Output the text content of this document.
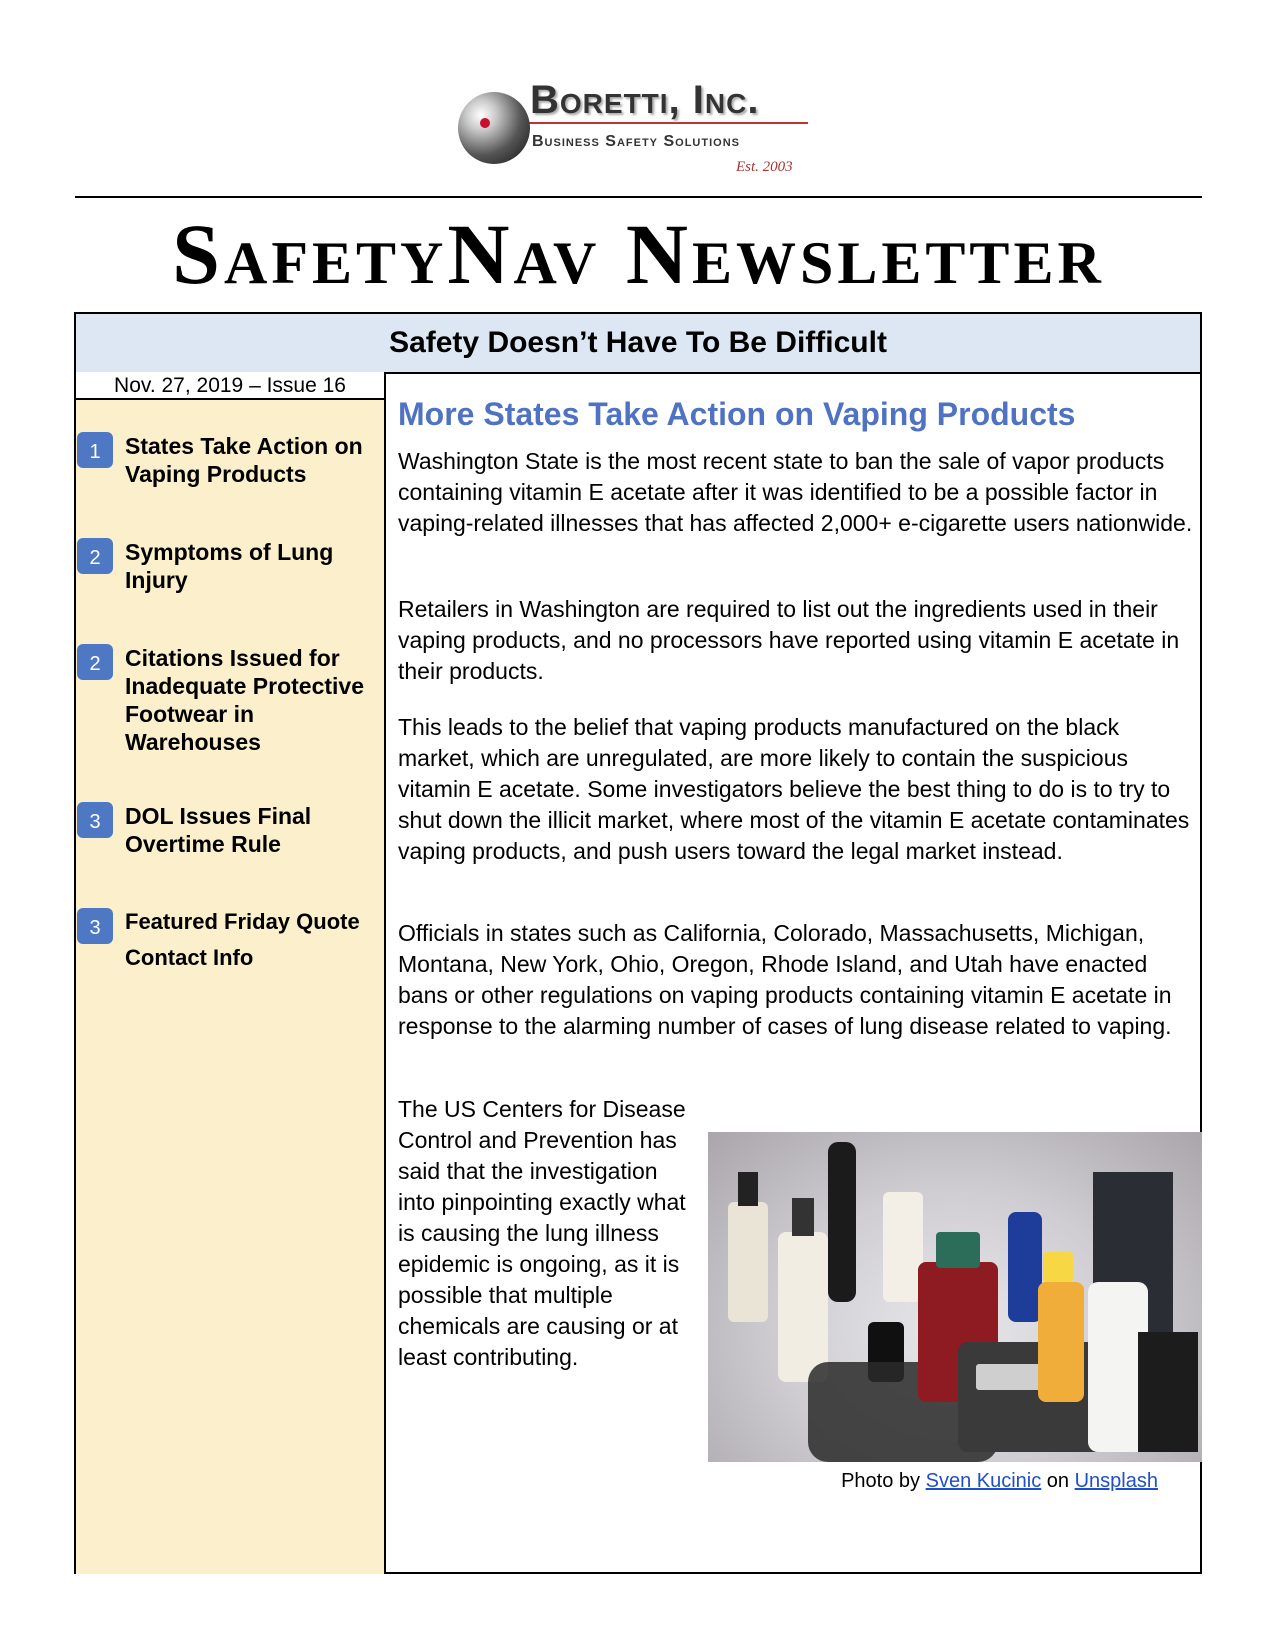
Boretti, Inc.
Business Safety Solutions
Est. 2003
SafetyNav Newsletter
Safety Doesn’t Have To Be Difficult
Nov. 27, 2019 – Issue 16
1	States Take Action on Vaping Products
2	Symptoms of Lung Injury
2	Citations Issued for Inadequate Protective Footwear in Warehouses
3	DOL Issues Final Overtime Rule
3	Featured Friday Quote
Contact Info
More States Take Action on Vaping Products

Washington State is the most recent state to ban the sale of vapor products containing vitamin E acetate after it was identified to be a possible factor in vaping-related illnesses that has affected 2,000+ e-cigarette users nationwide.

Retailers in Washington are required to list out the ingredients used in their vaping products, and no processors have reported using vitamin E acetate in their products.

This leads to the belief that vaping products manufactured on the black market, which are unregulated, are more likely to contain the suspicious vitamin E acetate. Some investigators believe the best thing to do is to try to shut down the illicit market, where most of the vitamin E acetate contaminates vaping products, and push users toward the legal market instead.

Officials in states such as California, Colorado, Massachusetts, Michigan, Montana, New York, Ohio, Oregon, Rhode Island, and Utah have enacted bans or other regulations on vaping products containing vitamin E acetate in response to the alarming number of cases of lung disease related to vaping.

The US Centers for Disease Control and Prevention has said that the investigation into pinpointing exactly what is causing the lung illness epidemic is ongoing, as it is possible that multiple chemicals are causing or at least contributing.

Photo by Sven Kucinic on Unsplash
